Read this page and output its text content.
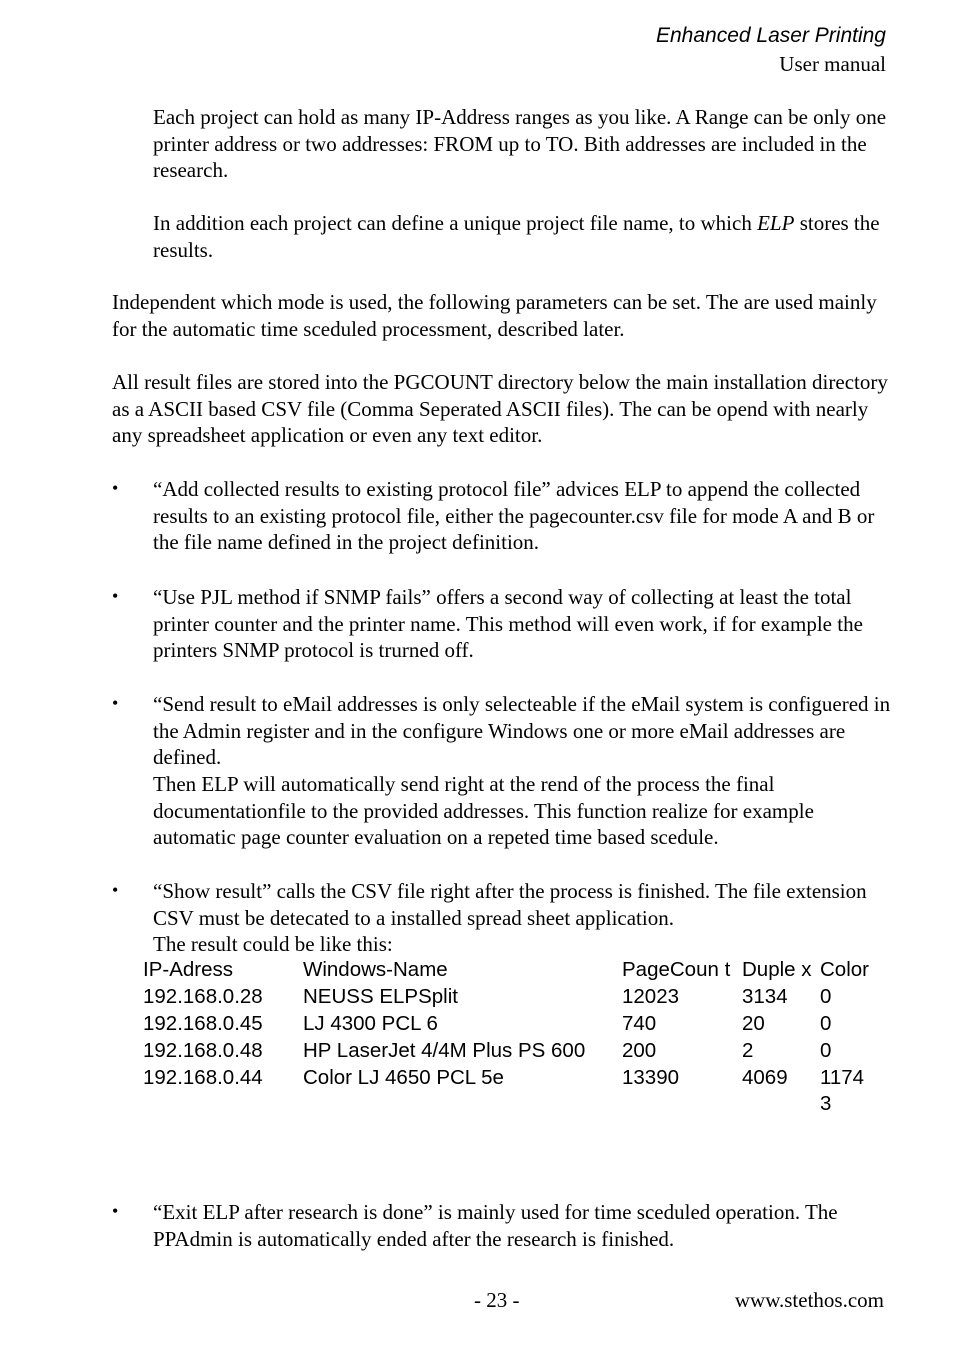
Enhanced Laser Printing
User manual

Each project can hold as many IP-Address ranges as you like. A Range can be only one printer address or two addresses: FROM up to TO. Bith addresses are included in the research.

In addition each project can define a unique project file name, to which ELP stores the results.

Independent which mode is used, the following parameters can be set. The are used mainly for the automatic time sceduled processment, described later.

All result files are stored into the PGCOUNT directory below the main installation directory as a ASCII based CSV file (Comma Seperated ASCII files). The can be opend with nearly any spreadsheet application or even any text editor.

• “Add collected results to existing protocol file” advices ELP to append the collected results to an existing protocol file, either the pagecounter.csv file for mode A and B or the file name defined in the project definition.

• “Use PJL method if SNMP fails” offers a second way of collecting at least the total printer counter and the printer name. This method will even work, if for example the printers SNMP protocol is trurned off.

• “Send result to eMail addresses is only selecteable if the eMail system is configuered in the Admin register and in the configure Windows one or more eMail addresses are defined.

Then ELP will automatically send right at the rend of the process the final documentationfile to the provided addresses. This function realize for example automatic page counter evaluation on a repeted time based scedule.

• “Show result” calls the CSV file right after the process is finished. The file extension CSV must be detecated to a installed spread sheet application.

The result could be like this:

IP-Adress	Windows-Name	PageCoun t	Duple x	Color
192.168.0.28	NEUSS ELPSplit	12023	3134	0
192.168.0.45	LJ 4300 PCL 6	740	20	0
192.168.0.48	HP LaserJet 4/4M Plus PS 600	200	2	0
192.168.0.44	Color LJ 4650 PCL 5e	13390	4069	1174 3
• “Exit ELP after research is done” is mainly used for time sceduled operation. The PPAdmin is automatically ended after the research is finished.

- 23 -	www.stethos.com
